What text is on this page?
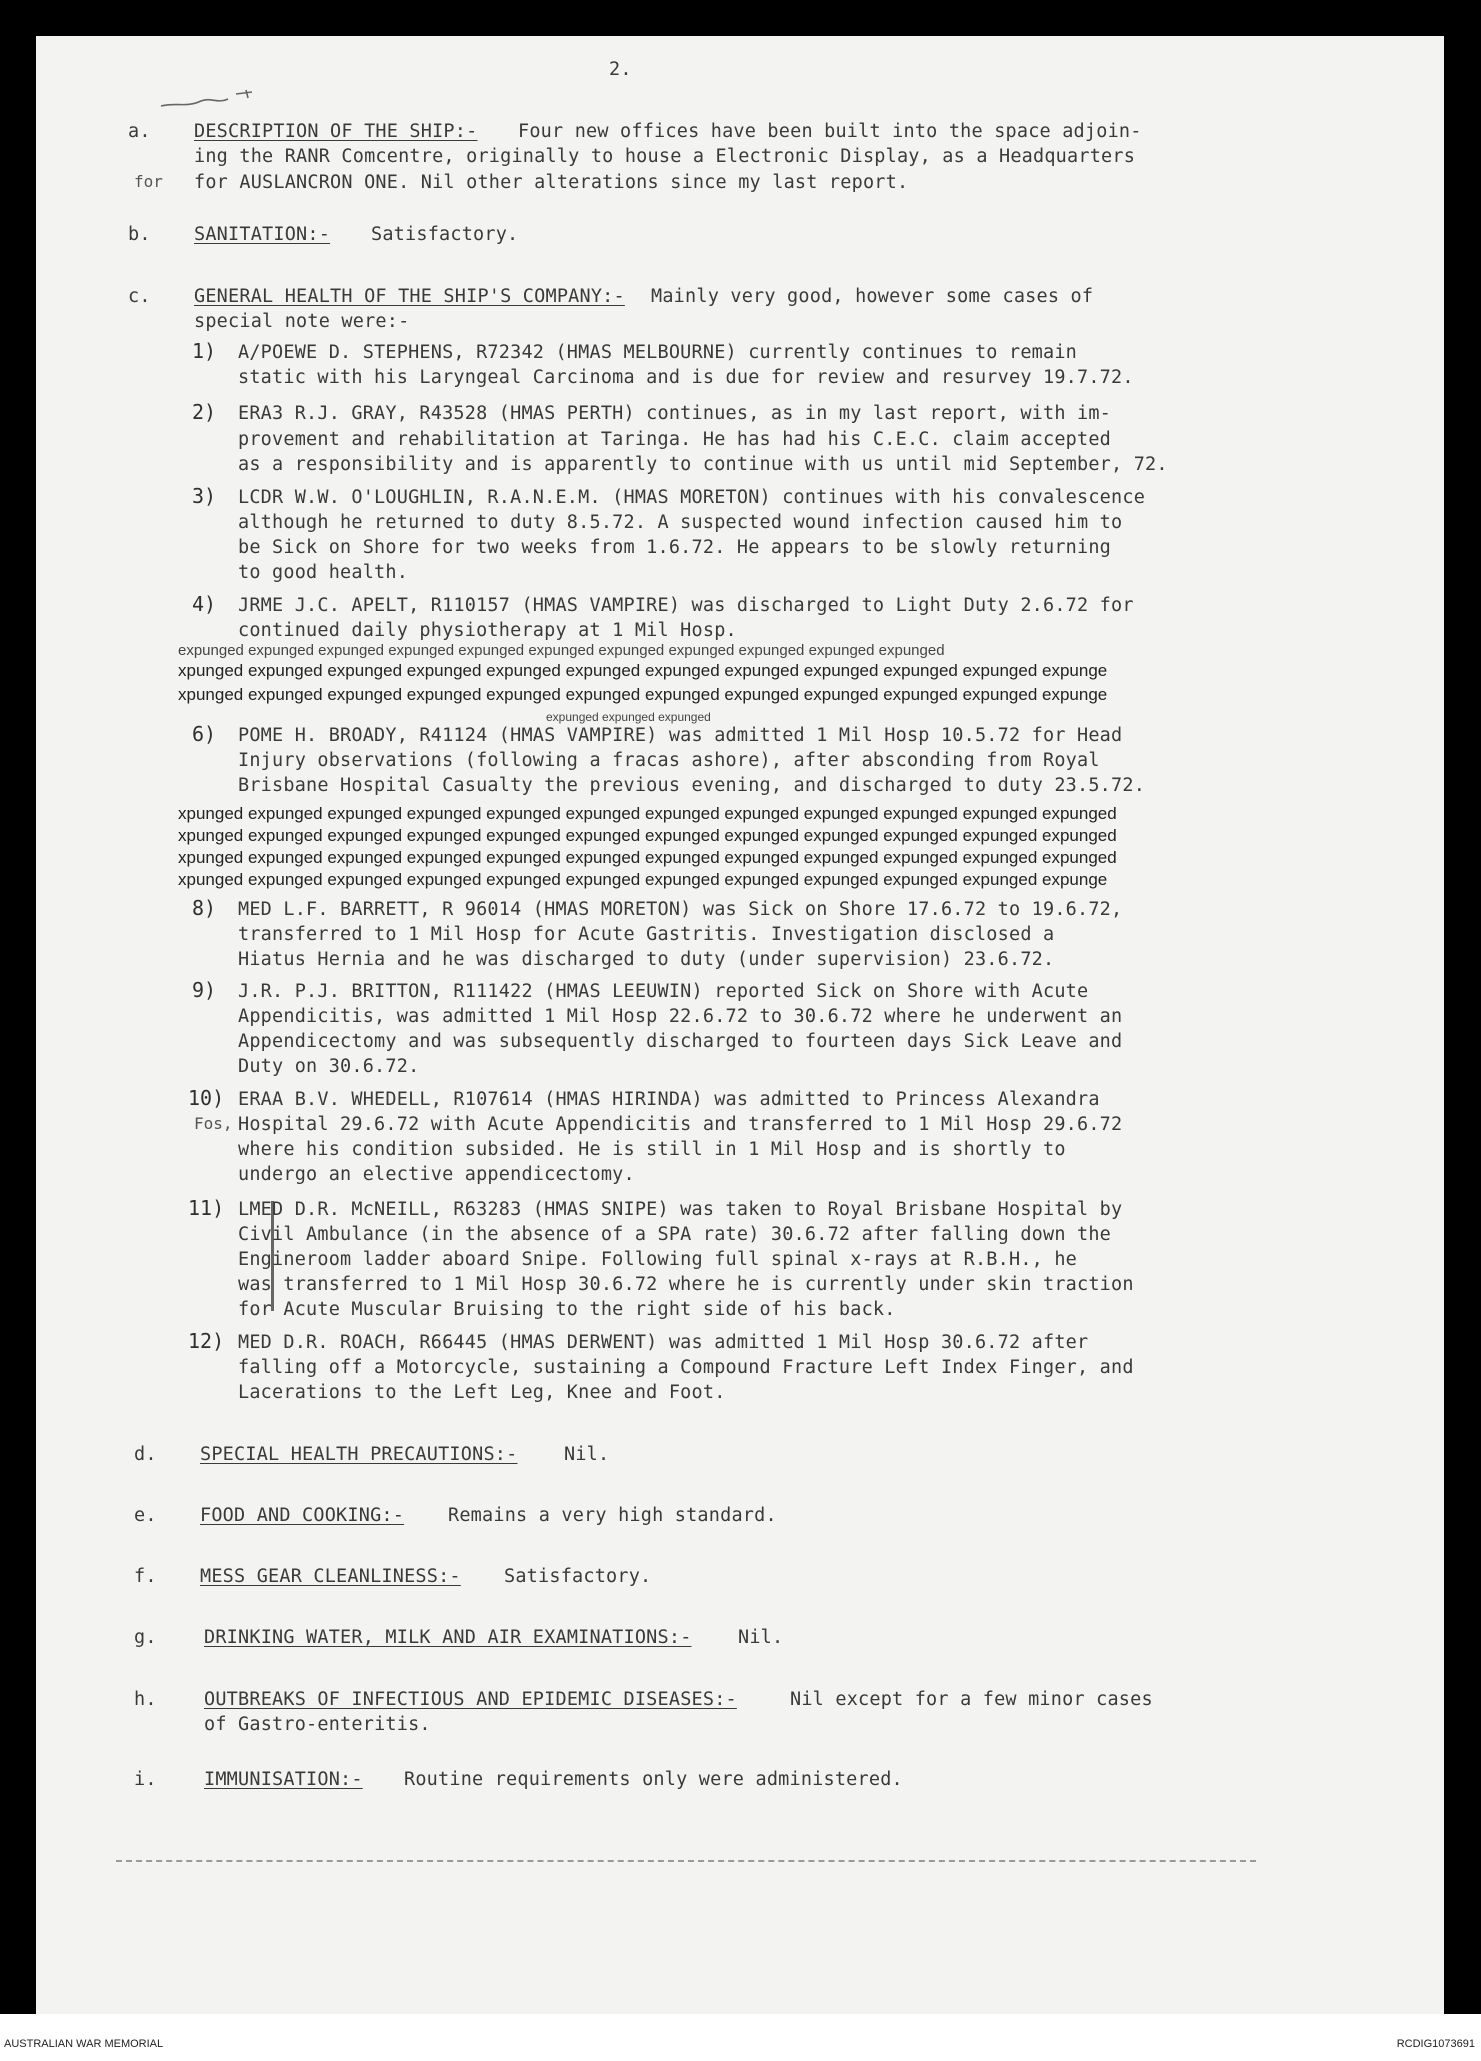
2.
a. DESCRIPTION OF THE SHIP:- Four new offices have been built into the space adjoin-
ing the RANR Comcentre, originally to house a Electronic Display, as a Headquarters
for for AUSLANCRON ONE. Nil other alterations since my last report.
b. SANITATION:- Satisfactory.
c. GENERAL HEALTH OF THE SHIP'S COMPANY:- Mainly very good, however some cases of
special note were:-
1) A/POEWE D. STEPHENS, R72342 (HMAS MELBOURNE) currently continues to remain
static with his Laryngeal Carcinoma and is due for review and resurvey 19.7.72.
2) ERA3 R.J. GRAY, R43528 (HMAS PERTH) continues, as in my last report, with im-
provement and rehabilitation at Taringa. He has had his C.E.C. claim accepted
as a responsibility and is apparently to continue with us until mid September, 72.
3) LCDR W.W. O'LOUGHLIN, R.A.N.E.M. (HMAS MORETON) continues with his convalescence
although he returned to duty 8.5.72. A suspected wound infection caused him to
be Sick on Shore for two weeks from 1.6.72. He appears to be slowly returning
to good health.
4) JRME J.C. APELT, R110157 (HMAS VAMPIRE) was discharged to Light Duty 2.6.72 for
continued daily physiotherapy at 1 Mil Hosp.
expunged expunged expunged expunged expunged expunged expunged expunged expunged expunged expunged
xpunged expunged expunged expunged expunged expunged expunged expunged expunged expunged expunged expunge
xpunged expunged expunged expunged expunged expunged expunged expunged expunged expunged expunged expunge
expunged expunged expunged
6) POME H. BROADY, R41124 (HMAS VAMPIRE) was admitted 1 Mil Hosp 10.5.72 for Head
Injury observations (following a fracas ashore), after absconding from Royal
Brisbane Hospital Casualty the previous evening, and discharged to duty 23.5.72.
xpunged expunged expunged expunged expunged expunged expunged expunged expunged expunged expunged expunged
xpunged expunged expunged expunged expunged expunged expunged expunged expunged expunged expunged expunged
xpunged expunged expunged expunged expunged expunged expunged expunged expunged expunged expunged expunged
xpunged expunged expunged expunged expunged expunged expunged expunged expunged expunged expunged expunge
8) MED L.F. BARRETT, R 96014 (HMAS MORETON) was Sick on Shore 17.6.72 to 19.6.72,
transferred to 1 Mil Hosp for Acute Gastritis. Investigation disclosed a
Hiatus Hernia and he was discharged to duty (under supervision) 23.6.72.
9) J.R. P.J. BRITTON, R111422 (HMAS LEEUWIN) reported Sick on Shore with Acute
Appendicitis, was admitted 1 Mil Hosp 22.6.72 to 30.6.72 where he underwent an
Appendicectomy and was subsequently discharged to fourteen days Sick Leave and
Duty on 30.6.72.
10) ERAA B.V. WHEDELL, R107614 (HMAS HIRINDA) was admitted to Princess Alexandra
Fos, Hospital 29.6.72 with Acute Appendicitis and transferred to 1 Mil Hosp 29.6.72
where his condition subsided. He is still in 1 Mil Hosp and is shortly to
undergo an elective appendicectomy.
11) LMED D.R. McNEILL, R63283 (HMAS SNIPE) was taken to Royal Brisbane Hospital by
Civil Ambulance (in the absence of a SPA rate) 30.6.72 after falling down the
Engineroom ladder aboard Snipe. Following full spinal x-rays at R.B.H., he
was transferred to 1 Mil Hosp 30.6.72 where he is currently under skin traction
for Acute Muscular Bruising to the right side of his back.
12) MED D.R. ROACH, R66445 (HMAS DERWENT) was admitted 1 Mil Hosp 30.6.72 after
falling off a Motorcycle, sustaining a Compound Fracture Left Index Finger, and
Lacerations to the Left Leg, Knee and Foot.
d. SPECIAL HEALTH PRECAUTIONS:-	Nil.
e. FOOD AND COOKING:- Remains a very high standard.
f. MESS GEAR CLEANLINESS:- Satisfactory.
g.	DRINKING WATER, MILK AND AIR EXAMINATIONS:-	Nil.
h.	OUTBREAKS OF INFECTIOUS AND EPIDEMIC DISEASES:-	Nil except for a few minor cases
of Gastro-enteritis.
i.	IMMUNISATION:- Routine requirements only were administered.
AUSTRALIAN WAR MEMORIAL	RCDIG1073691
